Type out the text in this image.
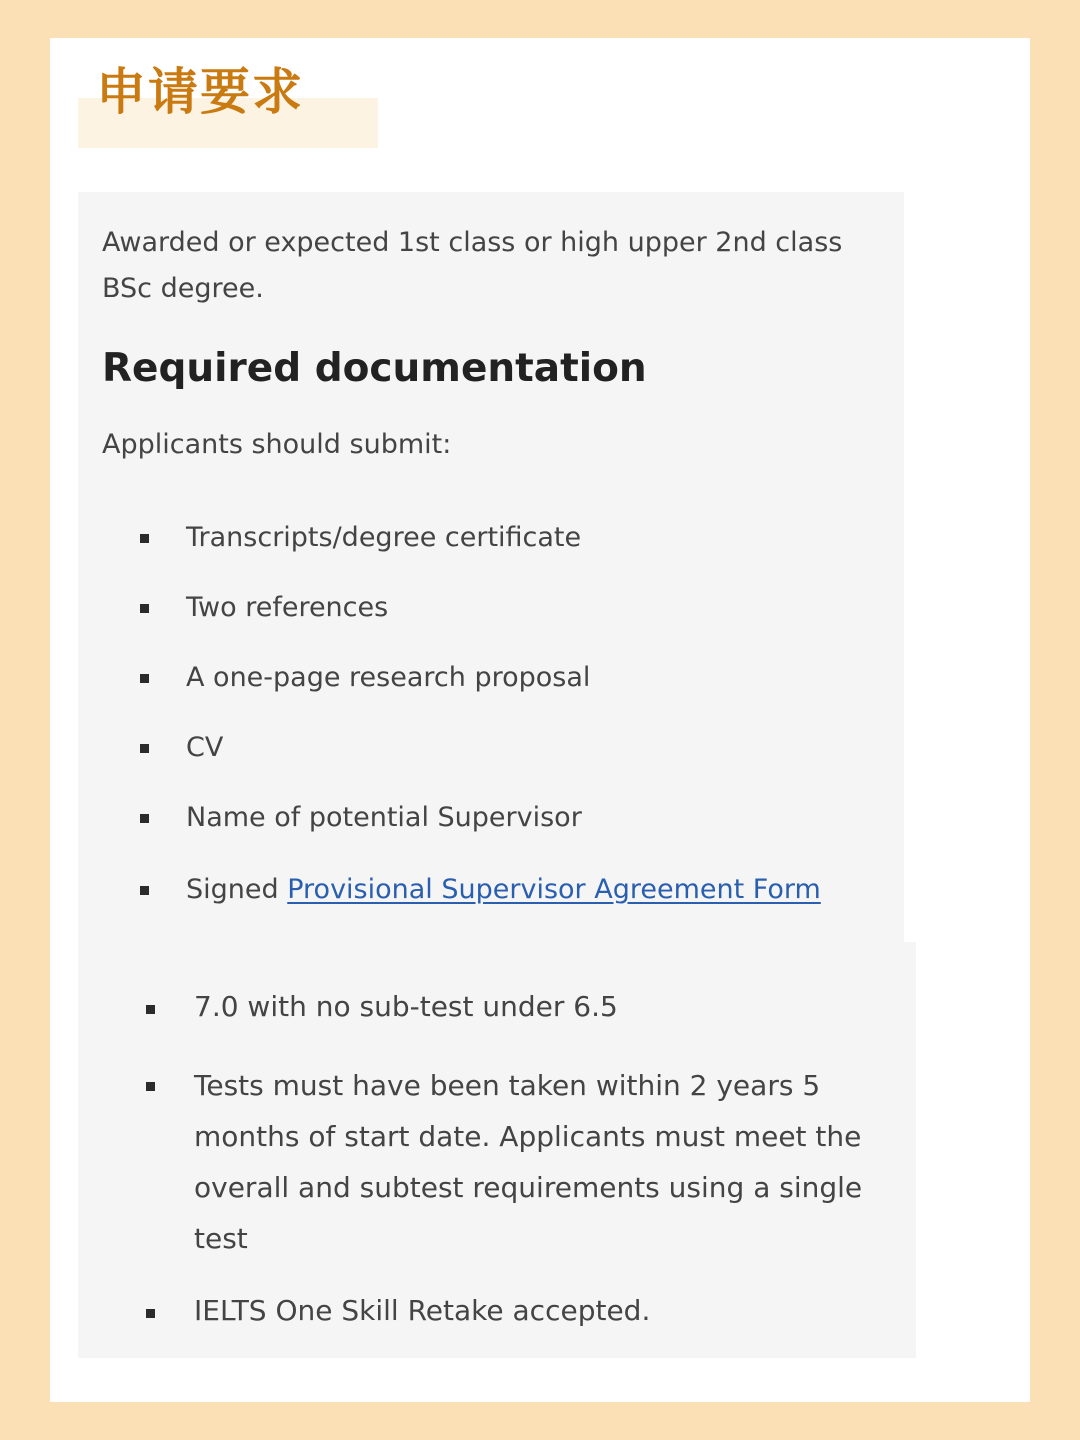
申请要求

Awarded or expected 1st class or high upper 2nd class BSc degree.

Required documentation

Applicants should submit:

Transcripts/degree certificate
Two references
A one-page research proposal
CV
Name of potential Supervisor
Signed Provisional Supervisor Agreement Form
7.0 with no sub-test under 6.5
Tests must have been taken within 2 years 5 months of start date. Applicants must meet the overall and subtest requirements using a single test
IELTS One Skill Retake accepted.
